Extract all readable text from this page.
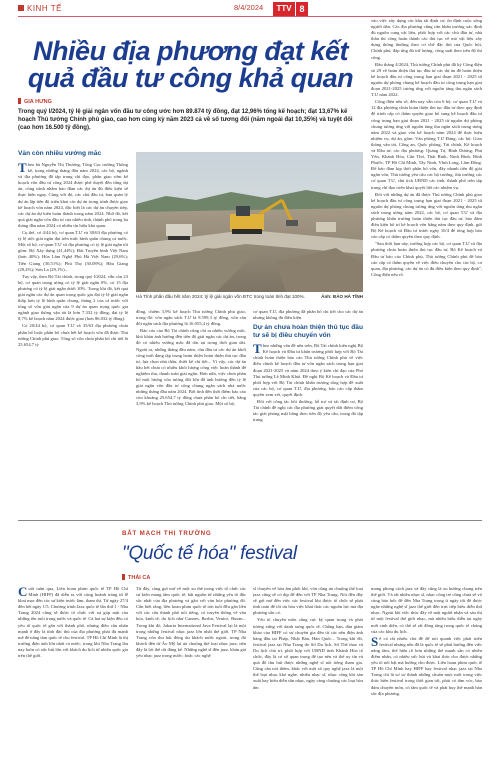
KINH TẾ	8/4/2024	TTV 8
Nhiều địa phương đạt kết quả đầu tư công khả quan
GIA HƯNG
Trong quý I/2024, tỷ lệ giải ngân vốn đầu tư công ước hơn 89.874 tỷ đồng, đạt 12,96% tổng kế hoạch; đạt 13,67% kế hoạch Thủ tướng Chính phủ giao, cao hơn cùng kỳ năm 2023 cả về số tương đối (năm ngoái đạt 10,35%) và tuyệt đối (cao hơn 16.500 tỷ đồng).
Vẫn còn nhiều vướng mắc

Theo bà Nguyễn Thị Thương, Tổng Cục trưởng Thống kê, trong những tháng đầu năm 2024, các bộ, ngành và địa phương đã tập trung chỉ đạo, phân giao sớm kế hoạch vốn đầu tư công 2024 được phê duyệt đến từng dự án, công trình nhằm bảo đảm các dự án đủ điều kiện sẽ thực hiện ngay. Cùng với đó, các chủ đầu tư, ban quản lý dự án lập tiến độ triển khai các dự án trong trình được giao kế hoạch vốn năm 2024, đặc biệt là các dự án chuyển tiếp, các dự án dự kiến hoàn thành trong năm 2024. Nhờ đó, kết quả giải ngân vốn đầu tư của nhiều tỉnh, thành phố trong ba tháng đầu năm 2024 có nhiều tín hiệu khả quan.

Cụ thể, có 4/44 bộ, cơ quan T.Ư và 30/63 địa phương có tỷ lệ ước giải ngân đạt trên mức bình quân chung cả nước. Một số bộ, cơ quan T.Ư và địa phương có tỷ lệ giải ngân tốt gồm: Bộ Xây dựng (41,44%); Đài Truyền hình Việt Nam (hơn 40%); Hòa Lâm Nghệ Phù Hà Việt Nam (29,6%); Tiền Giang (30,51%); Phú Thọ (30,08%); Hậu Giang (29,4%); Sơn La (29,1%)...

Tuy vậy, theo Bộ Tài chính, trong quý I/2024, vẫn còn 23 bộ, cơ quan trung ương có tỷ lệ giải ngân 0%, có 15 địa phương có tỷ lệ giải ngân dưới 10%. Trong khi đó, kết quả giải ngân các dự án quan trọng quốc gia đạt tỷ lệ giải ngân thấp hơn tỷ lệ bình quân chung, tháng 2 của cả nước với tổng số vốn giải ngân của 9 dự án quan trọng quốc gia ngành giao thông vận tải là hơn 7.332 tỷ đồng, đạt tỷ lệ 8,7% kế hoạch năm 2024 được giao (hơn 86.032 tỷ đồng).

Có 20/44 bộ, cơ quan T.Ư và 35/63 địa phương chưa phân bổ hoặc phân bổ chưa hết kế hoạch vốn đã được Thủ tướng Chính phủ giao. Tổng số vốn chưa phân bổ chi tiết là 25.654,7 tỷ

Hà Tĩnh phấn đấu hết năm 2024: tỷ lệ giải ngân vốn ĐTC trong toàn tỉnh đạt 100%.	Ảnh: BẢO HÀ TĨNH

đồng, chiếm 3,9% kế hoạch Thủ tướng Chính phủ giao, trong đó: vốn ngân sách T.Ư là 9.599,3 tỷ đồng, vốn cân đối ngân sách địa phương là 16.055,4 tỷ đồng.

Báo cáo của Bộ Tài chính cũng chỉ ra nhiều vướng mắc, khó khăn ảnh hưởng đến tiến độ giải ngân các dự án, trong đó có nhiều vướng mắc đã tồn tại trong thời gian dài. Ngoài ra, những tháng đầu năm, chủ đầu tư các dự án khởi công mới đang tập trung hoàn thiện hoàn thiện thủ tục đầu tư, lựa chọn nhà thầu, thiết kế chi tiết... Vì vậy, các dự án hầu hết chưa có nhiều khối lượng công việc hoàn thành để nghiệm thu, thanh toán giải ngân. Hơn nữa, việc chưa phân bổ một lượng vốn tương đối lớn đã ảnh hưởng đến tỷ lệ giải ngân vốn đầu tư công chung ngân sách nhà nước những tháng đầu năm 2024. Bởi tính đến thời điểm báo cáo còn khoảng 25.654,7 tỷ đồng chưa phân bổ chi tiết, bằng 3,9% kế hoạch Thủ tướng Chính phủ giao. Một số bộ,

cơ quan T.Ư, địa phương đã phân bổ chi tiết cho các dự án nhưng không đủ điều kiện.

Dự án chưa hoàn thiện thủ tục đầu tư sẽ bị điều chuyển vốn

Theo những vấn đề nêu trên, Bộ Tài chính kiến nghị Bộ Kế hoạch và Đầu tư khẩn trương phối hợp với Bộ Tài chính hoàn thiện báo cáo Thủ tướng Chính phủ về việc điều chỉnh kế hoạch đầu tư vốn ngân sách trung hạn giai đoạn 2021-2025 và năm 2024 theo ý kiến chỉ đạo của Phó Thủ tướng Lê Minh Khái. Đề nghị Bộ Kế hoạch và Đầu tư phối hợp với Bộ Tài chính khẩn trương tổng hợp đề xuất của các bộ, cơ quan T.Ư, địa phương, báo cáo cấp thẩm quyền xem xét, quyết định.

Đối với công tác bồi thường, hỗ trợ và tái định cư, Bộ Tài chính đề nghị các địa phương giải quyết dứt điểm công tác giải phóng mặt bằng theo tiến độ yêu cầu, trong đó tập trung

vào việc xây dựng các khu tái định cư, ổn định cuộc sống người dân. Các địa phương cũng cần khẩn trương xác định đủ nguồn cung vật liệu, phối hợp với các chủ đầu tư, nhà thầu thi công hoàn thành các thủ tục về mỏ vật liệu xây dựng thông thường theo cơ chế đặc thù của Quốc hội, Chính phủ, đáp ứng đủ trữ lượng, công suất theo tiến độ thi công.

Đầu tháng 4/2024, Thủ tướng Chính phủ đã ký Công điện số 29 về hoàn thiện thủ tục đầu tư các dự án để hoàn thiện kế hoạch đầu tư công trung hạn giai đoạn 2021 - 2025 từ nguồn dự phòng chung kế hoạch đầu tư công trung hạn giai đoạn 2021-2025 tương ứng với nguồn tăng thu ngân sách T.Ư năm 2022.

Công điện nêu rõ, đến nay vẫn còn 6 bộ, cơ quan T.Ư và 12 địa phương chưa hoàn thiện thủ tục đầu tư theo quy định để trình cấp có thẩm quyền giao bổ sung kế hoạch đầu tư công trung hạn giai đoạn 2021 - 2025 từ nguồn dự phòng chung tương ứng với nguồn tăng thu ngân sách trung ương năm 2022 và giao vốn kế hoạch năm 2024 để thực hiện nhiệm vụ, dự án, gồm: Văn phòng T.Ư Đảng, các bộ: Giao thông vận tải, Công an, Quốc phòng, Tài chính, Kế hoạch và Đầu tư; các địa phương: Quảng Trị, Bình Dương, Phú Yên, Khánh Hòa, Cần Thơ, Thái Bình, Ninh Bình, Bình Phước, TP Hồ Chí Minh, Tây Ninh, Vĩnh Long, Lâm Đồng. Để bảo đảm kịp thời phân bổ vốn, đẩy nhanh tiến độ giải ngân vốn, Thủ tướng yêu cầu các bộ trưởng, thủ trưởng các cơ quan T.Ư, chủ tịch UBND các tỉnh, thành phố trên tập trung chỉ đạo triển khai quyết liệt các nhiệm vụ.

Đối với những dự án đã được Thủ tướng Chính phủ giao kế hoạch đầu tư công trung hạn giai đoạn 2021 - 2025 từ nguồn dự phòng chung tương ứng với nguồn tăng thu ngân sách trung ương năm 2022, các bộ, cơ quan T.Ư và địa phương khẩn trương hoàn thiện thủ tục đầu tư, bảo đảm điều kiện bố trí kế hoạch vốn hằng năm theo quy định, gửi Bộ Kế hoạch và Đầu tư trước ngày 10/4 để tổng hợp báo cáo cấp có thẩm quyền theo quy định.

"Sau thời hạn này, trường hợp các bộ, cơ quan T.Ư và địa phương chưa hoàn thiện thủ tục đầu tư, Bộ Kế hoạch và Đầu tư báo cáo Chính phủ, Thủ tướng Chính phủ để báo cáo cấp có thẩm quyền về việc điều chuyển cho các bộ, cơ quan, địa phương, các dự án có đủ điều kiện theo quy định", Công điện nêu rõ.

BẮT MẠCH THỊ TRƯỜNG
"Quốc tế hóa" festival
THÁI CA

Cuối tuần qua, Liên hoan phim quốc tế TP Hồ Chí Minh (HIFF) đã diễn ra với cùng hoành tráng từ lễ khai mạc đến các sự kiện trước làm, tham dự. Từ ngày 27/4 đến hết ngày 1/5, Chương trình Jazz quốc tế lần thứ 1 - Nha Trang 2024 cũng sẽ được tổ chức với sự góp mặt của những tên tuổi trong nước và quốc tế. Cả hai sự kiện đều có yếu tố quốc tế gắn với thành phố, nhưng điều cần nhấn mạnh ở đây là tính đặc thù của địa phương phải đủ mạnh mẽ để nâng tầm quốc tế cho festival. TP Hồ Chí Minh là thị trường điện ảnh lớn nhất cả nước, trong khi Nha Trang lâu nay luôn có sức hút lớn với khách du lịch từ nhiều quốc gia trên thế giới.

Từ đây, càng gợi mở về một xu thế trong việc tổ chức các sự kiện mang tầm quốc tế, bắt nguồn từ những yếu tố đặc sắc nhất của địa phương và gắn với văn hóa phương đó. Cần biết rằng, liên hoan phim quốc tế tơn tuổi đều gắn liền với các cấu thành phố nổi tiếng, có truyền thống về văn hóa, kinh tế, du lịch như Cannes, Berlin, Venice, Busan... Trong khi đó, Jakarta International Java Festival lại là một trong những festival nhạc jazz lớn nhất thế giới. TP Nha Trang vốn thu hút đông du khách nước ngoài, trong đó khách đến từ Áo Mỹ lại ưa chuộng thể loại nhạc jazz, nên đây là lợi thế rất đáng kể. Những nghệ sĩ đến jazz, khán giả yêu nhạc jazz trong nước; hoặc các nghệ

sĩ chuyên về hòa âm phối khí, vốn cũng ưa chuộng thể loại jazz cũng sẽ có dịp để đến với TP Nha Trang. Nói đến đây sẽ gợi mở đến việc các festival khi được tổ chức sẽ phải tính toán để tối ưu hóa việc khai thác các nguồn lực mà địa phương sẵn có.

Yếu tố chuyên môn cũng cực kỳ quan trọng và phải tương xứng với danh xưng quốc tế. Chẳng hạn, dàn giám khảo của HIFF có sự chuyên gia đến từ các nền điện ảnh hàng đầu tại Pháp, Nhật Bản, Hàn Quốc... Trong khi đó, festival jazz tại Nha Trang do Sở Du lịch, Sở Thể thao và Du lịch chủ trì, phối hợp với UBND tỉnh Khánh Hòa tổ chức, đây là cơ sở quan trọng để tạo nên và thể uy tín và quà đồ thu hút được những nghệ sĩ nổi tiếng tham gia. Cũng cần nói thêm, khác với một số quy nghệ jazz là một thể loại nhạc khó nghe, nhiều nhạc sĩ, nhạc công khi sản xuất hay biểu diễn sân nhạc, ngày càng chuộng các loại hòa âm

mang phong cách jazz và đây cũng là xu hướng chung trên thế giới. Và rất nhiều nhạc sĩ, nhạc công trẻ cũng chưa sẽ vô cùng háo hức để đến Nha Trang trong ít ngày tới để được nghe những nghệ sĩ jazz thế giới đến trực tiếp biểu diễn thứ nhạc. Ngoài khi việc thúc đẩy về mặt người nhận và sáu thị từ một festival thế giới nhạc, mà nhiều biểu diễn tại ngày mới sinh diện, có thể sẽ rất đông tăng trong quốc tế chúng của các khu du lịch.

Sẽ có rất nhiều chủ đề để nói quanh việc phát triển festival nhưng nếu đã là quốc tế sẽ phải hướng đến việc nâng tầm, thể hiện rõ hơn những thế mạnh sẵn có nhiều điểm nhấn, có nhiều sức hút và khai thác cho được những yếu tố nổi bật mà hướng cho được. Liên hoan phim quốc tế TP Hồ Chí Minh hay HIFF hay festival nhạc jazz tại Nha Trang chỉ là sơ sơ thành những chuẩn mực mới trong việc thúc biên festival trong thời gian tới, phải có tầm vóc, bảo đảm chuyên môn, có tầm quốc tế và phát huy thế mạnh bản sắc địa phương.
